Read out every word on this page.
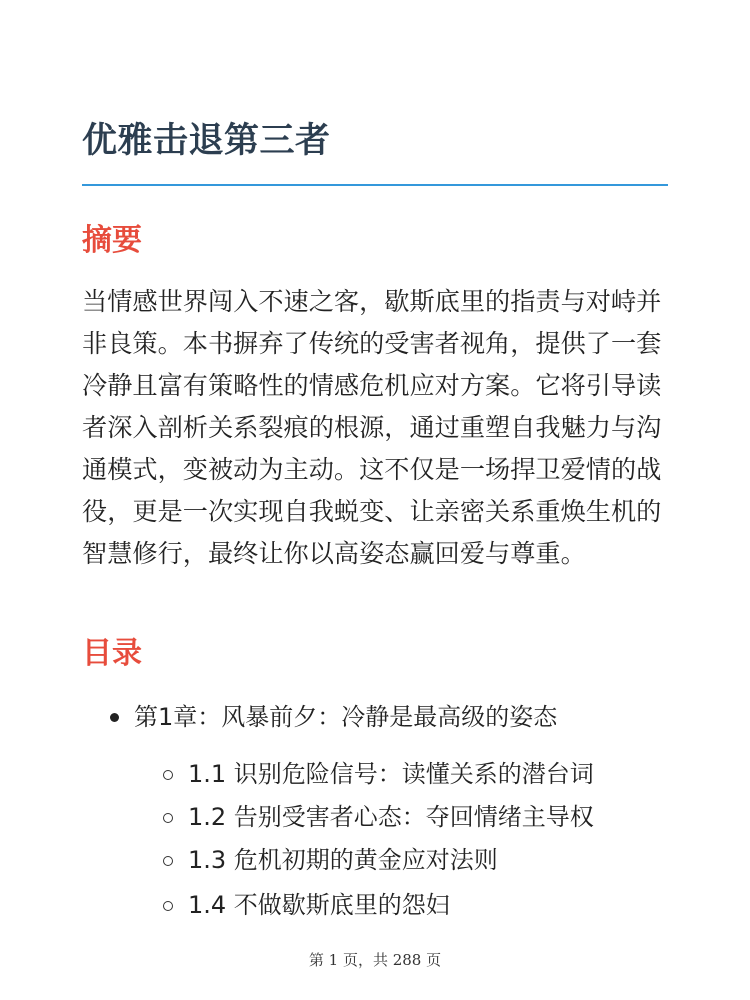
优雅击退第三者
摘要

当情感世界闯入不速之客，歇斯底里的指责与对峙并非良策。本书摒弃了传统的受害者视角，提供了一套冷静且富有策略性的情感危机应对方案。它将引导读者深入剖析关系裂痕的根源，通过重塑自我魅力与沟通模式，变被动为主动。这不仅是一场捍卫爱情的战役，更是一次实现自我蜕变、让亲密关系重焕生机的智慧修行，最终让你以高姿态赢回爱与尊重。

目录
第1章：风暴前夕：冷静是最高级的姿态
1.1 识别危险信号：读懂关系的潜台词
1.2 告别受害者心态：夺回情绪主导权
1.3 危机初期的黄金应对法则
1.4 不做歇斯底里的怨妇
第 1 页，共 288 页
